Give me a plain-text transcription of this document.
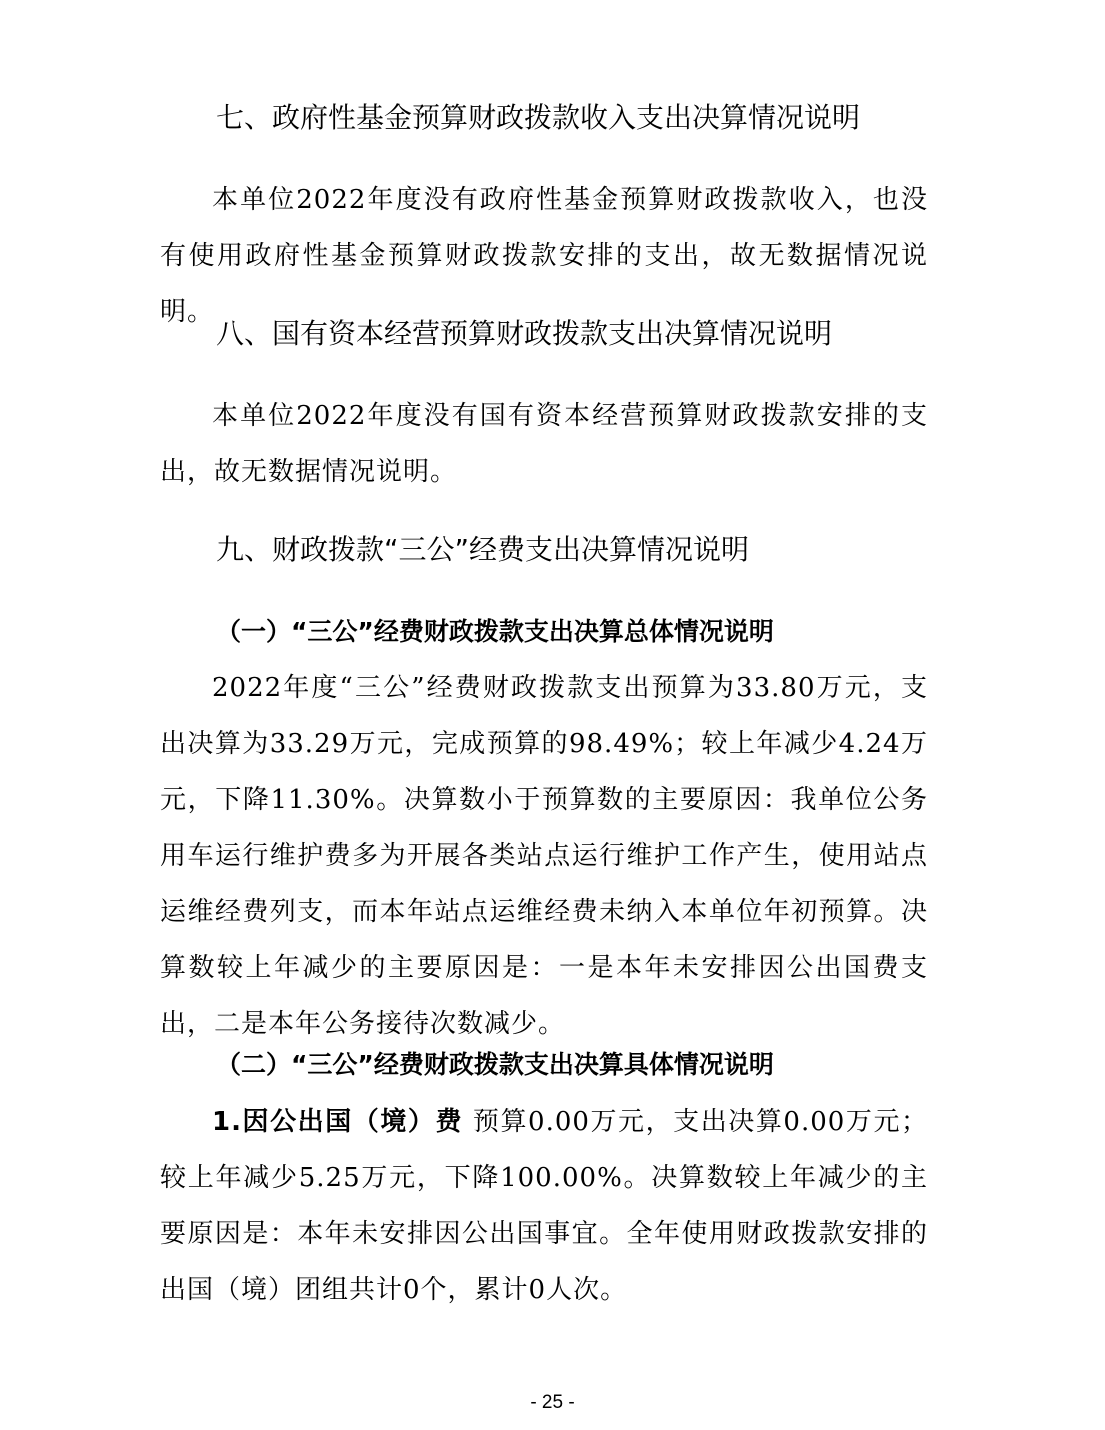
七、政府性基金预算财政拨款收入支出决算情况说明

本单位2022年度没有政府性基金预算财政拨款收入，也没有使用政府性基金预算财政拨款安排的支出，故无数据情况说明。

八、国有资本经营预算财政拨款支出决算情况说明

本单位2022年度没有国有资本经营预算财政拨款安排的支出，故无数据情况说明。

九、财政拨款“三公”经费支出决算情况说明
（一）“三公”经费财政拨款支出决算总体情况说明

2022年度“三公”经费财政拨款支出预算为33.80万元，支出决算为33.29万元，完成预算的98.49%；较上年减少4.24万元，下降11.30%。决算数小于预算数的主要原因：我单位公务用车运行维护费多为开展各类站点运行维护工作产生，使用站点运维经费列支，而本年站点运维经费未纳入本单位年初预算。决算数较上年减少的主要原因是：一是本年未安排因公出国费支出，二是本年公务接待次数减少。

（二）“三公”经费财政拨款支出决算具体情况说明

1.因公出国（境）费 预算0.00万元，支出决算0.00万元；较上年减少5.25万元，下降100.00%。决算数较上年减少的主要原因是：本年未安排因公出国事宜。全年使用财政拨款安排的出国（境）团组共计0个，累计0人次。

- 25 -
